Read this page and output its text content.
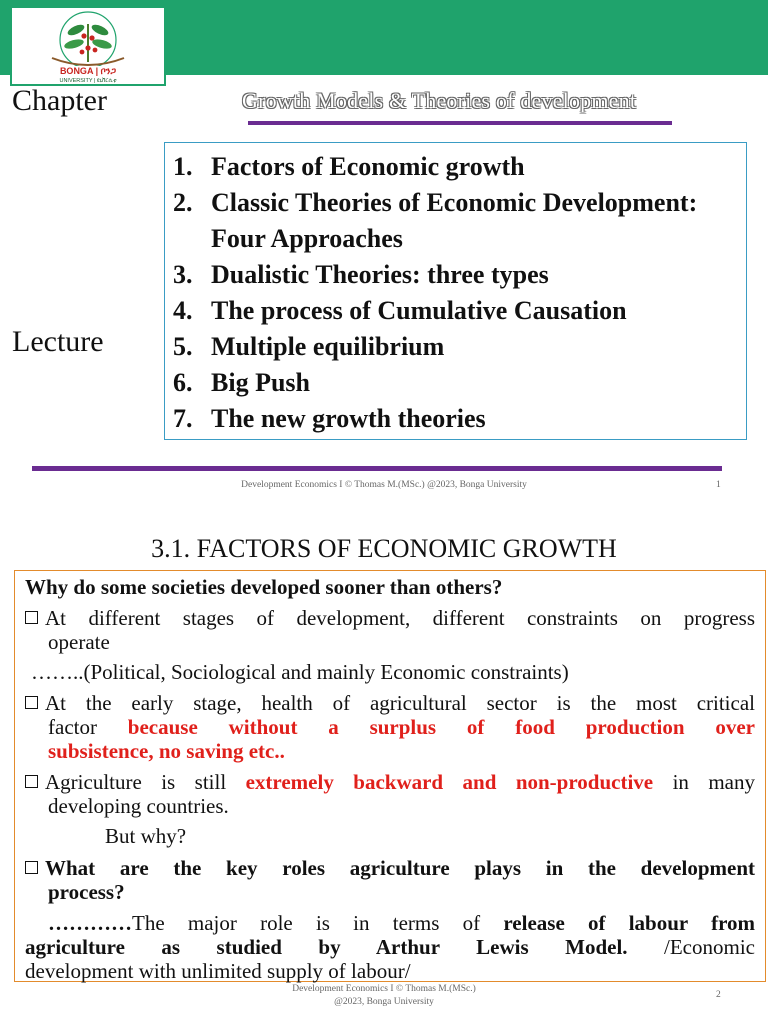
BONGA | ቦንጋ
UNIVERSITY | ዩኒቨርሲቲ
Chapter	Growth Models & Theories of development
Lecture
1. Factors of Economic growth
2. Classic Theories of Economic Development: Four Approaches
3. Dualistic Theories: three types
4. The process of Cumulative Causation
5. Multiple equilibrium
6. Big Push
7. The new growth theories
Development Economics I © Thomas M.(MSc.) @2023, Bonga University	1
3.1. FACTORS OF ECONOMIC GROWTH
Why do some societies developed sooner than others?
At different stages of development, different constraints on progress
operate
……..(Political, Sociological and mainly Economic constraints)
At the early stage, health of agricultural sector is the most critical
factor because without a surplus of food production over
subsistence, no saving etc..
Agriculture is still extremely backward and non-productive in many
developing countries.
But why?
What are the key roles agriculture plays in the development
process?
…………The major role is in terms of release of labour from
agriculture as studied by Arthur Lewis Model. /Economic
development with unlimited supply of labour/
Development Economics I © Thomas M.(MSc.)
@2023, Bonga University
2
